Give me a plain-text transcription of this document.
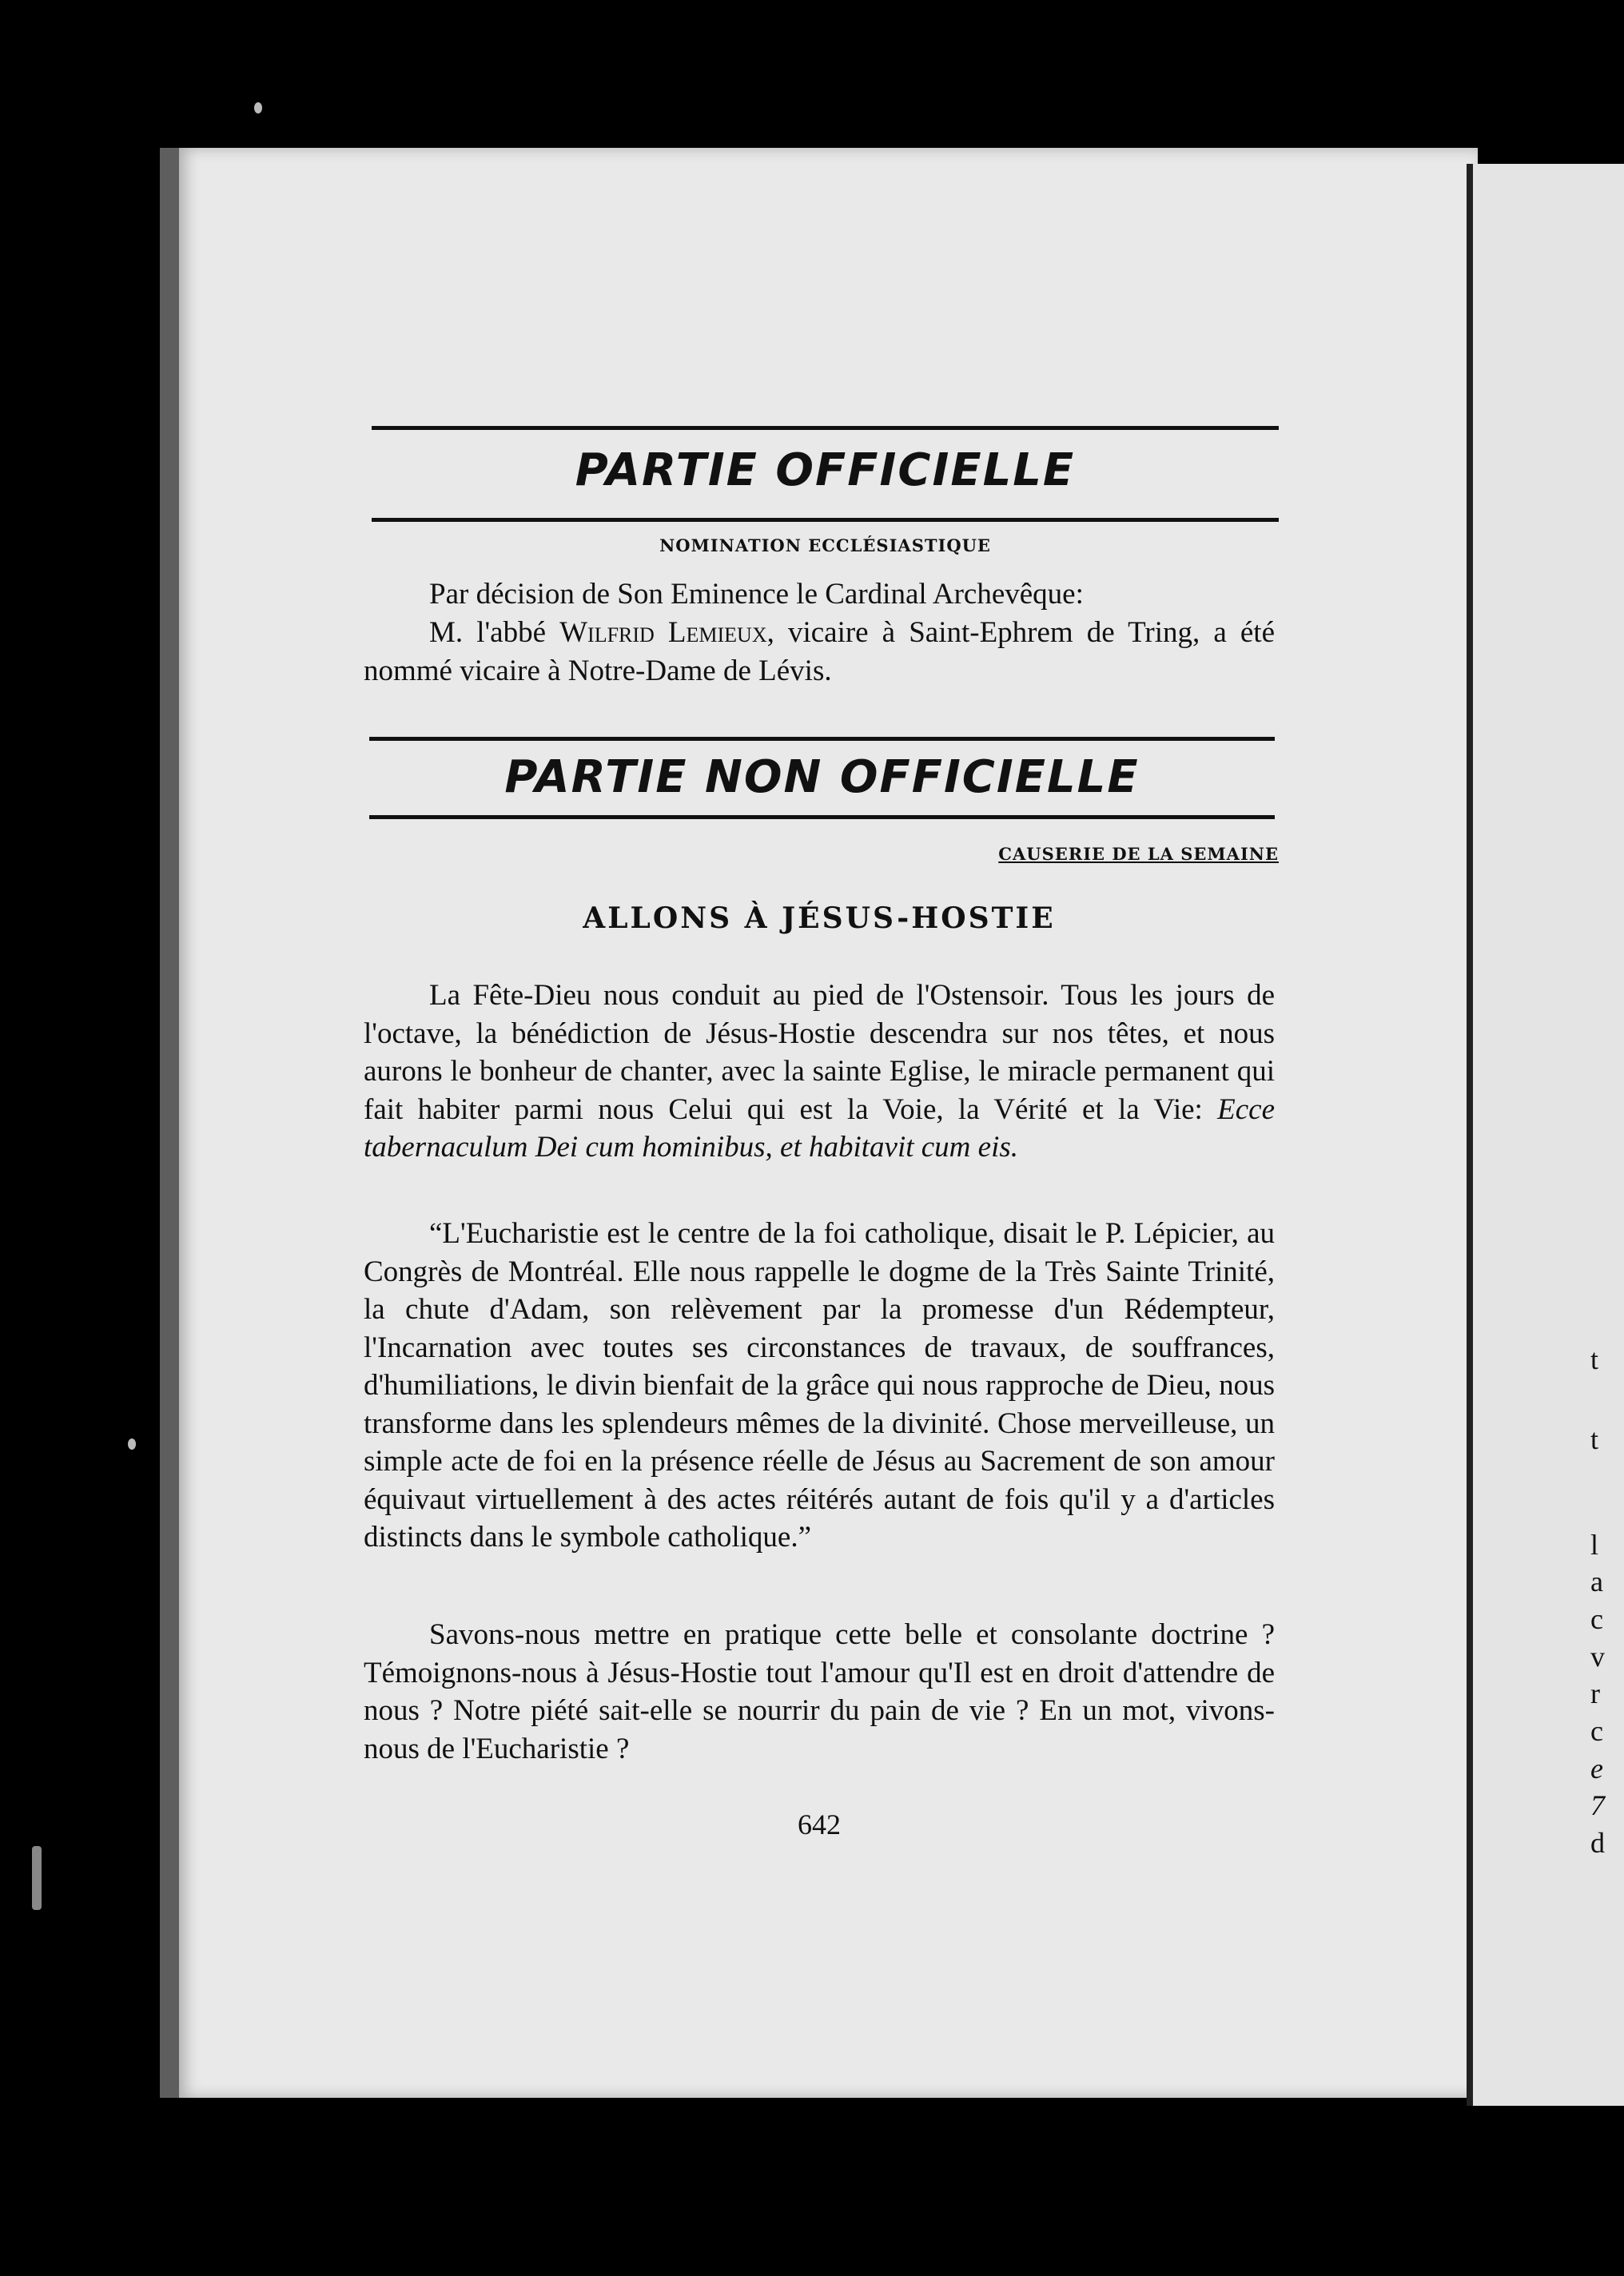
PARTIE OFFICIELLE
NOMINATION ECCLÉSIASTIQUE
Par décision de Son Eminence le Cardinal Archevêque:
M. l'abbé Wilfrid Lemieux, vicaire à Saint-Ephrem de Tring, a été nommé vicaire à Notre-Dame de Lévis.
PARTIE NON OFFICIELLE
CAUSERIE DE LA SEMAINE
ALLONS À JÉSUS-HOSTIE
La Fête-Dieu nous conduit au pied de l'Ostensoir. Tous les jours de l'octave, la bénédiction de Jésus-Hostie descendra sur nos têtes, et nous aurons le bonheur de chanter, avec la sainte Eglise, le miracle permanent qui fait habiter parmi nous Celui qui est la Voie, la Vérité et la Vie: Ecce tabernaculum Dei cum hominibus, et habitavit cum eis.
“L'Eucharistie est le centre de la foi catholique, disait le P. Lépicier, au Congrès de Montréal. Elle nous rappelle le dogme de la Très Sainte Trinité, la chute d'Adam, son relèvement par la promesse d'un Rédempteur, l'Incarnation avec toutes ses circonstances de travaux, de souffrances, d'humiliations, le divin bienfait de la grâce qui nous rapproche de Dieu, nous transforme dans les splendeurs mêmes de la divinité. Chose merveilleuse, un simple acte de foi en la présence réelle de Jésus au Sacrement de son amour équivaut virtuellement à des actes réitérés autant de fois qu'il y a d'articles distincts dans le symbole catholique.”
Savons-nous mettre en pratique cette belle et consolante doctrine ? Témoignons-nous à Jésus-Hostie tout l'amour qu'Il est en droit d'attendre de nous ? Notre piété sait-elle se nourrir du pain de vie ? En un mot, vivons-nous de l'Eucharistie ?
642
t
t
l
a
c
v
r
c
e
7
d
